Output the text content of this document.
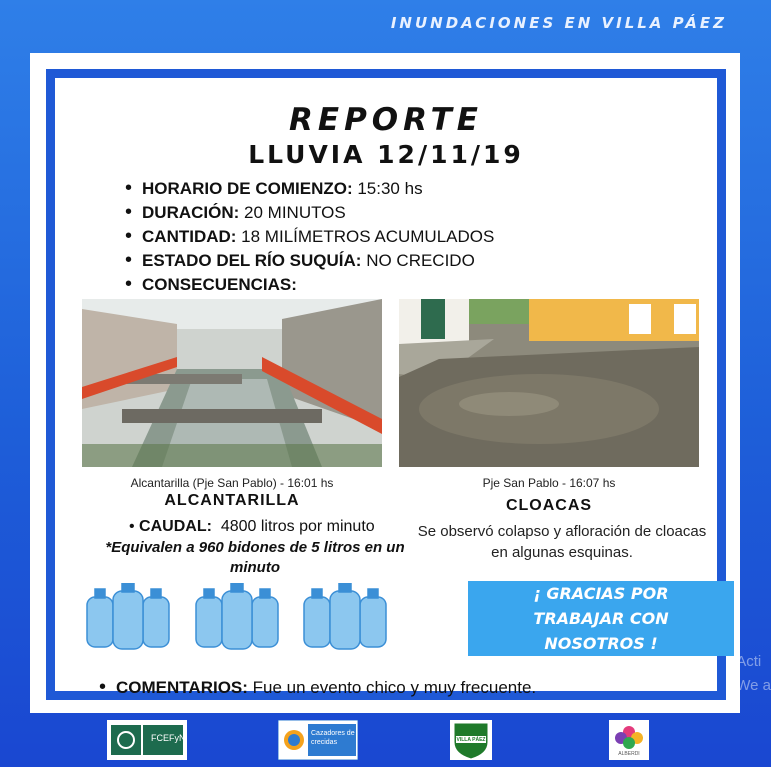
INUNDACIONES EN VILLA PÁEZ
REPORTE
LLUVIA 12/11/19
• HORARIO DE COMIENZO: 15:30 hs
• DURACIÓN: 20 MINUTOS
• CANTIDAD: 18 MILÍMETROS ACUMULADOS
• ESTADO DEL RÍO SUQUÍA: NO CRECIDO
• CONSECUENCIAS:
Alcantarilla (Pje San Pablo) - 16:01 hs	Pje San Pablo - 16:07 hs
ALCANTARILLA	CLOACAS
• CAUDAL: 4800 litros por minuto
*Equivalen a 960 bidones de 5 litros en un minuto
Se observó colapso y afloración de cloacas en algunas esquinas.
¡ GRACIAS POR TRABAJAR CON NOSOTROS !
• COMENTARIOS: Fue un evento chico y muy frecuente.
Acti
We a
FCEFyN	Cazadores de crecidas	VILLA PÁEZ
ALBERDI
